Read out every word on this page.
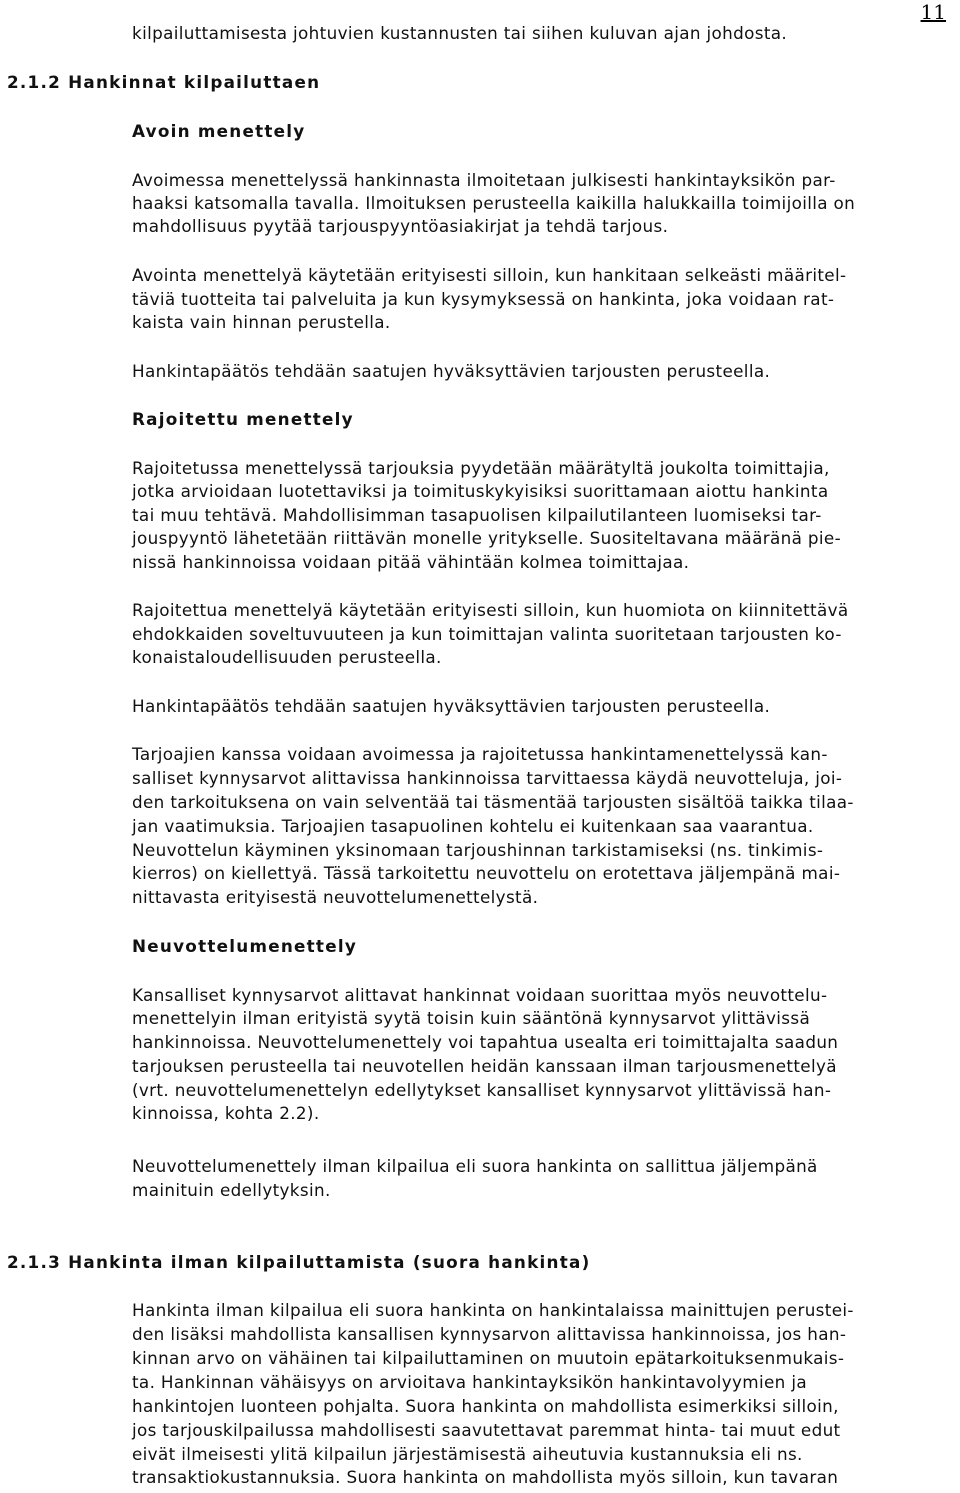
11
kilpailuttamisesta johtuvien kustannusten tai siihen kuluvan ajan johdosta.
2.1.2 Hankinnat kilpailuttaen
Avoin menettely
Avoimessa menettelyssä hankinnasta ilmoitetaan julkisesti hankintayksikön par-
haaksi katsomalla tavalla. Ilmoituksen perusteella kaikilla halukkailla toimijoilla on
mahdollisuus pyytää tarjouspyyntöasiakirjat ja tehdä tarjous.
Avointa menettelyä käytetään erityisesti silloin, kun hankitaan selkeästi määritel-
täviä tuotteita tai palveluita ja kun kysymyksessä on hankinta, joka voidaan rat-
kaista vain hinnan perustella.
Hankintapäätös tehdään saatujen hyväksyttävien tarjousten perusteella.
Rajoitettu menettely
Rajoitetussa menettelyssä tarjouksia pyydetään määrätyltä joukolta toimittajia,
jotka arvioidaan luotettaviksi ja toimituskykyisiksi suorittamaan aiottu hankinta
tai muu tehtävä. Mahdollisimman tasapuolisen kilpailutilanteen luomiseksi tar-
jouspyyntö lähetetään riittävän monelle yritykselle. Suositeltavana määränä pie-
nissä hankinnoissa voidaan pitää vähintään kolmea toimittajaa.
Rajoitettua menettelyä käytetään erityisesti silloin, kun huomiota on kiinnitettävä
ehdokkaiden soveltuvuuteen ja kun toimittajan valinta suoritetaan tarjousten ko-
konaistaloudellisuuden perusteella.
Hankintapäätös tehdään saatujen hyväksyttävien tarjousten perusteella.
Tarjoajien kanssa voidaan avoimessa ja rajoitetussa hankintamenettelyssä kan-
salliset kynnysarvot alittavissa hankinnoissa tarvittaessa käydä neuvotteluja, joi-
den tarkoituksena on vain selventää tai täsmentää tarjousten sisältöä taikka tilaa-
jan vaatimuksia. Tarjoajien tasapuolinen kohtelu ei kuitenkaan saa vaarantua.
Neuvottelun käyminen yksinomaan tarjoushinnan tarkistamiseksi (ns. tinkimis-
kierros) on kiellettyä. Tässä tarkoitettu neuvottelu on erotettava jäljempänä mai-
nittavasta erityisestä neuvottelumenettelystä.
Neuvottelumenettely
Kansalliset kynnysarvot alittavat hankinnat voidaan suorittaa myös neuvottelu-
menettelyin ilman erityistä syytä toisin kuin sääntönä kynnysarvot ylittävissä
hankinnoissa. Neuvottelumenettely voi tapahtua usealta eri toimittajalta saadun
tarjouksen perusteella tai neuvotellen heidän kanssaan ilman tarjousmenettelyä
(vrt. neuvottelumenettelyn edellytykset kansalliset kynnysarvot ylittävissä han-
kinnoissa, kohta 2.2).
Neuvottelumenettely ilman kilpailua eli suora hankinta on sallittua jäljempänä
mainituin edellytyksin.
2.1.3 Hankinta ilman kilpailuttamista (suora hankinta)
Hankinta ilman kilpailua eli suora hankinta on hankintalaissa mainittujen perustei-
den lisäksi mahdollista kansallisen kynnysarvon alittavissa hankinnoissa, jos han-
kinnan arvo on vähäinen tai kilpailuttaminen on muutoin epätarkoituksenmukais-
ta. Hankinnan vähäisyys on arvioitava hankintayksikön hankintavolyymien ja
hankintojen luonteen pohjalta. Suora hankinta on mahdollista esimerkiksi silloin,
jos tarjouskilpailussa mahdollisesti saavutettavat paremmat hinta- tai muut edut
eivät ilmeisesti ylitä kilpailun järjestämisestä aiheutuvia kustannuksia eli ns.
transaktiokustannuksia. Suora hankinta on mahdollista myös silloin, kun tavaran
